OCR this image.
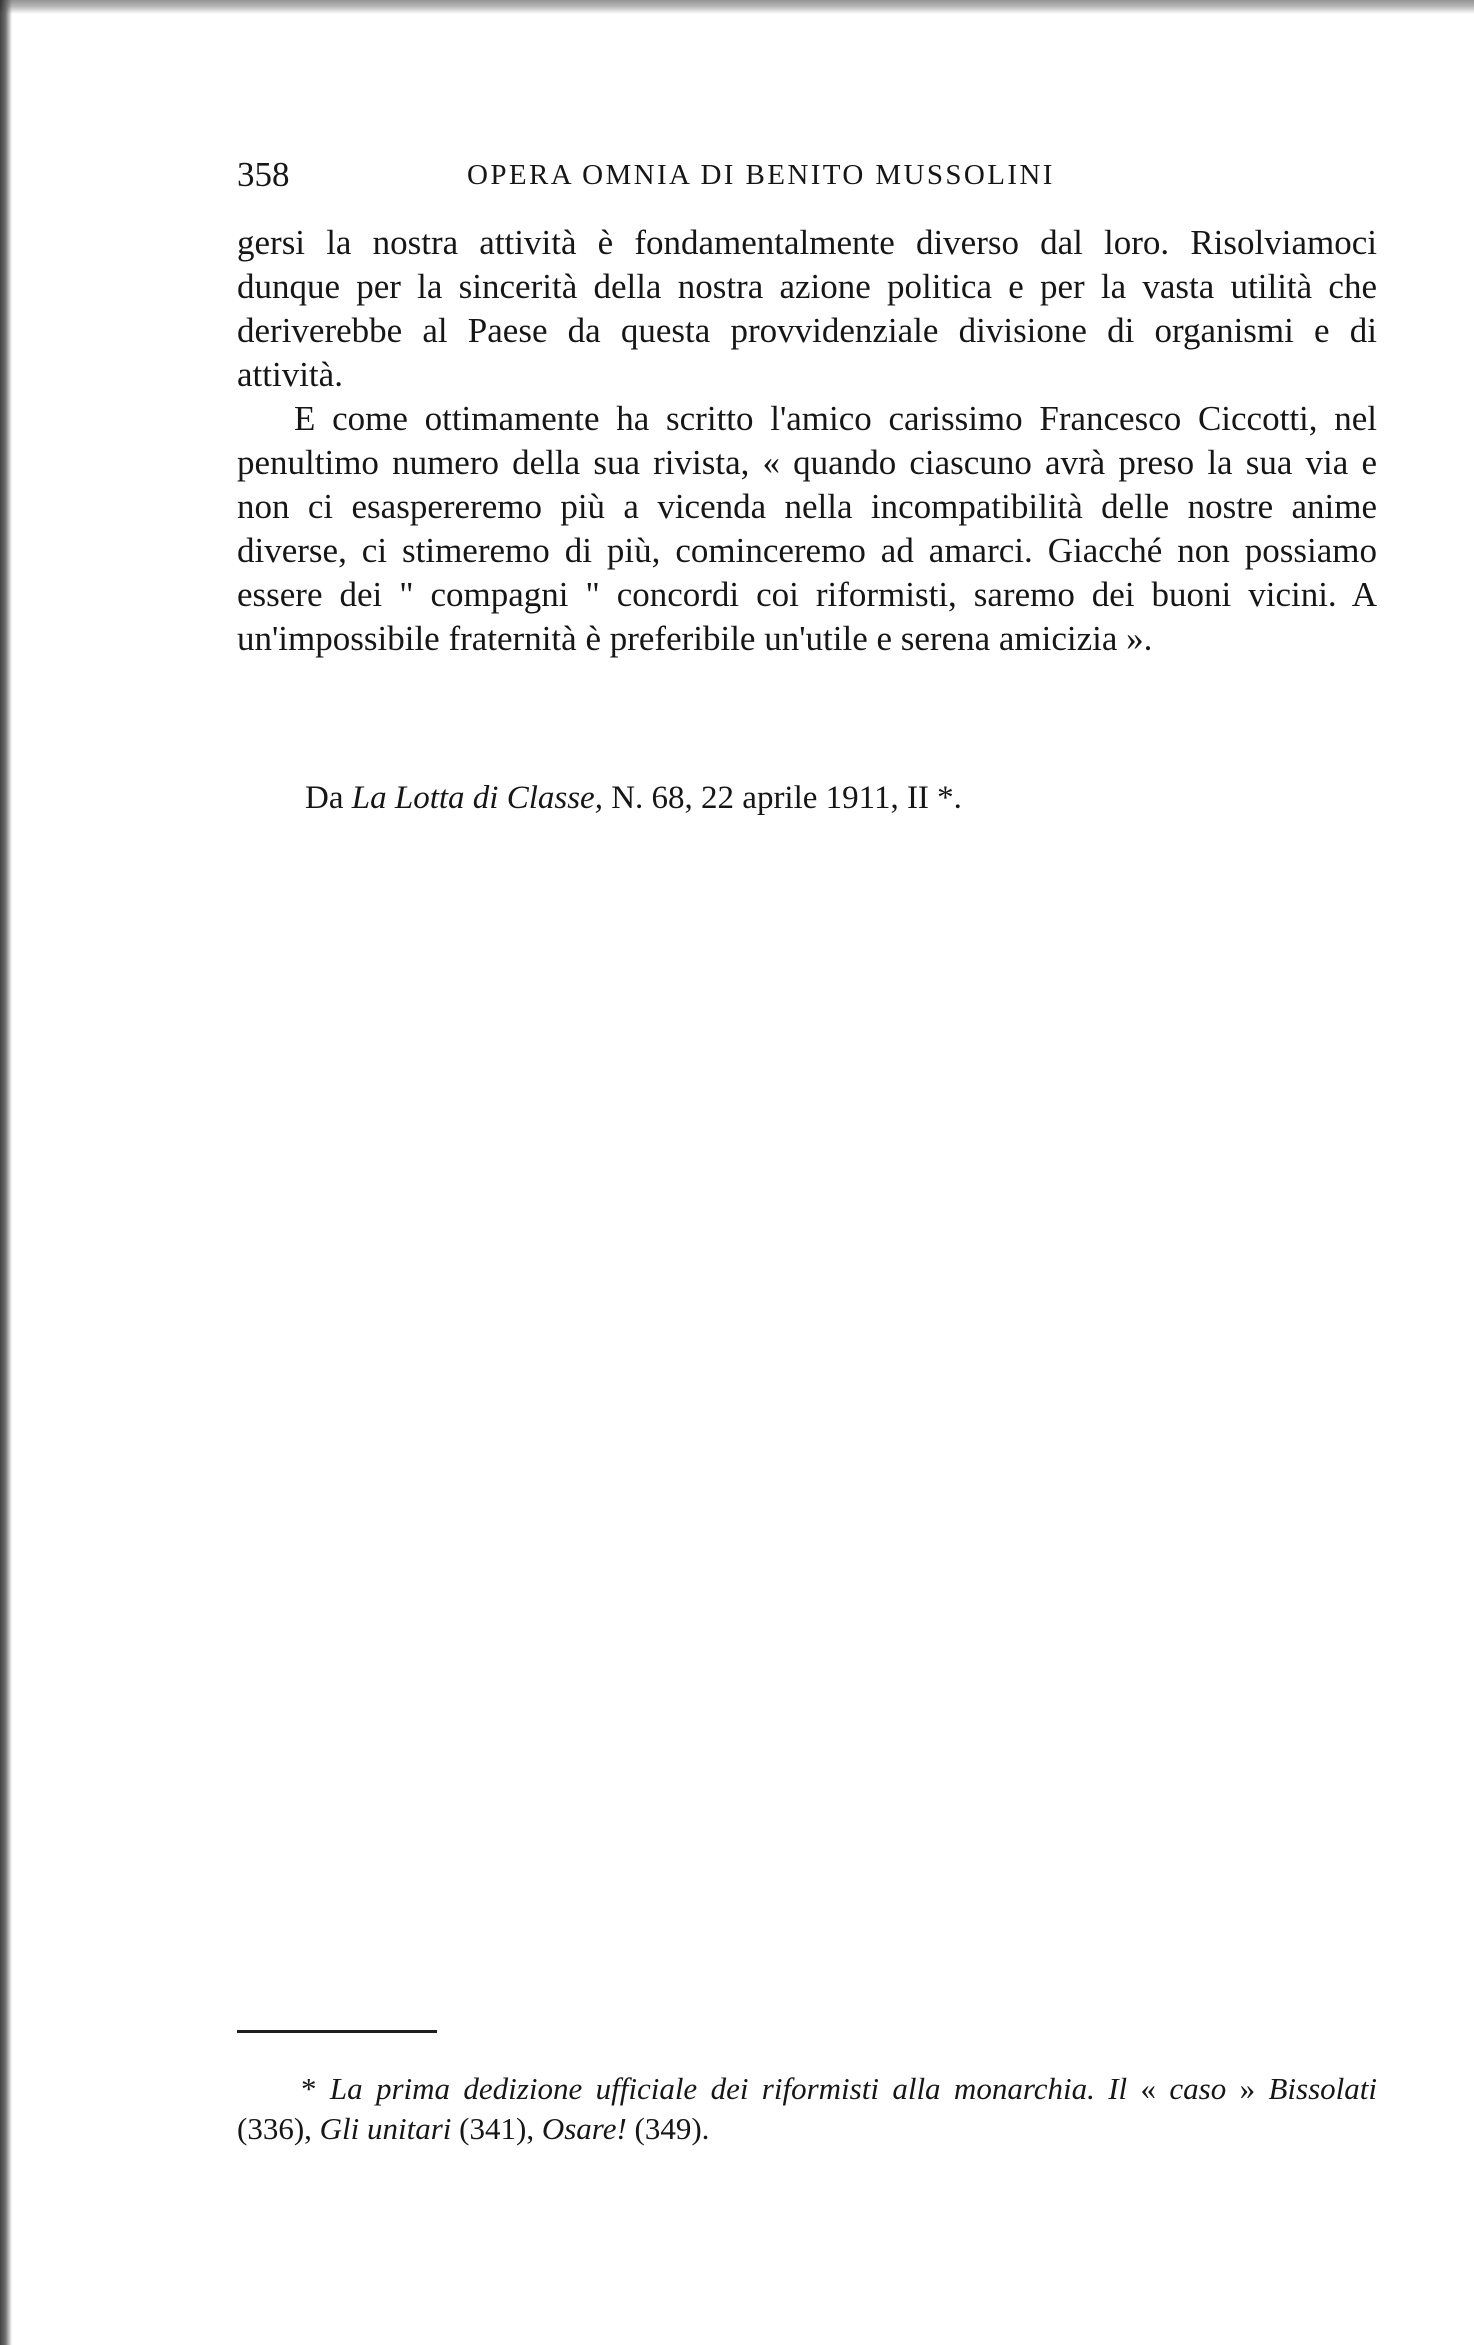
358	OPERA OMNIA DI BENITO MUSSOLINI

gersi la nostra attività è fondamentalmente diverso dal loro. Risolviamoci dunque per la sincerità della nostra azione politica e per la vasta utilità che deriverebbe al Paese da questa provvidenziale divisione di organismi e di attività.

E come ottimamente ha scritto l'amico carissimo Francesco Ciccotti, nel penultimo numero della sua rivista, « quando ciascuno avrà preso la sua via e non ci esaspereremo più a vicenda nella incompatibilità delle nostre anime diverse, ci stimeremo di più, cominceremo ad amarci. Giacché non possiamo essere dei " compagni " concordi coi riformisti, saremo dei buoni vicini. A un'impossibile fraternità è preferibile un'utile e serena amicizia ».

Da La Lotta di Classe, N. 68, 22 aprile 1911, II *.
* La prima dedizione ufficiale dei riformisti alla monarchia. Il « caso » Bissolati (336), Gli unitari (341), Osare! (349).
